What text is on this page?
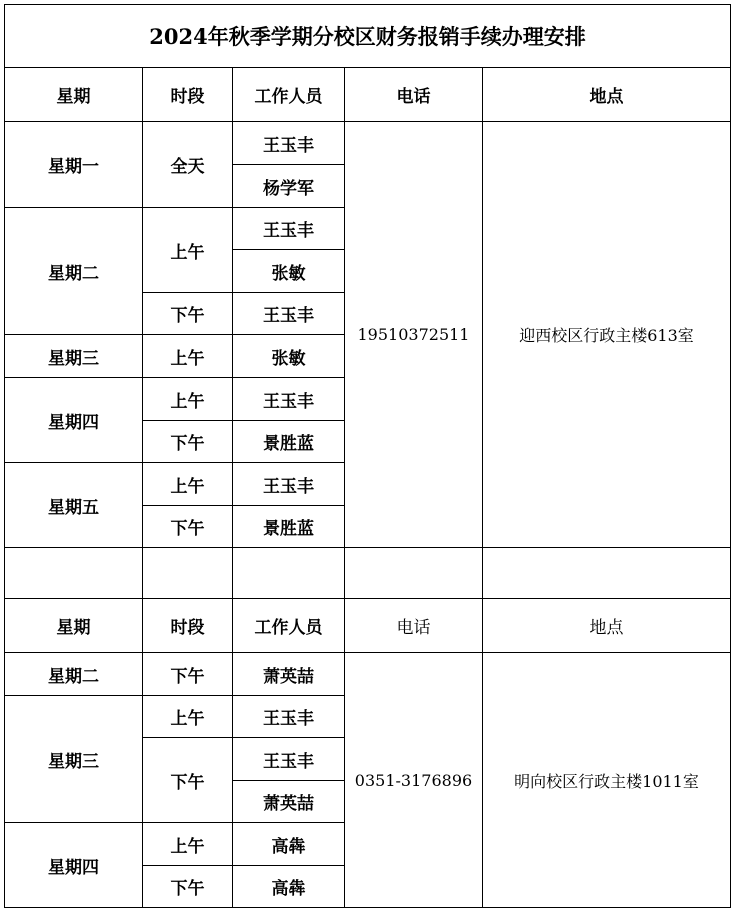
2024年秋季学期分校区财务报销手续办理安排				
星期	时段	工作人员	电话	地点
星期一	全天	王玉丰	19510372511	迎西校区行政主楼613室
		杨学军		
星期二	上午	王玉丰		
		张敏		
	下午	王玉丰		
星期三	上午	张敏		
星期四	上午	王玉丰		
	下午	景胜蓝		
星期五	上午	王玉丰		
	下午	景胜蓝		

星期	时段	工作人员	电话	地点
星期二	下午	萧英喆	0351-3176896	明向校区行政主楼1011室
星期三	上午	王玉丰		
	下午	王玉丰		
		萧英喆		
星期四	上午	高犇		
	下午	高犇		
